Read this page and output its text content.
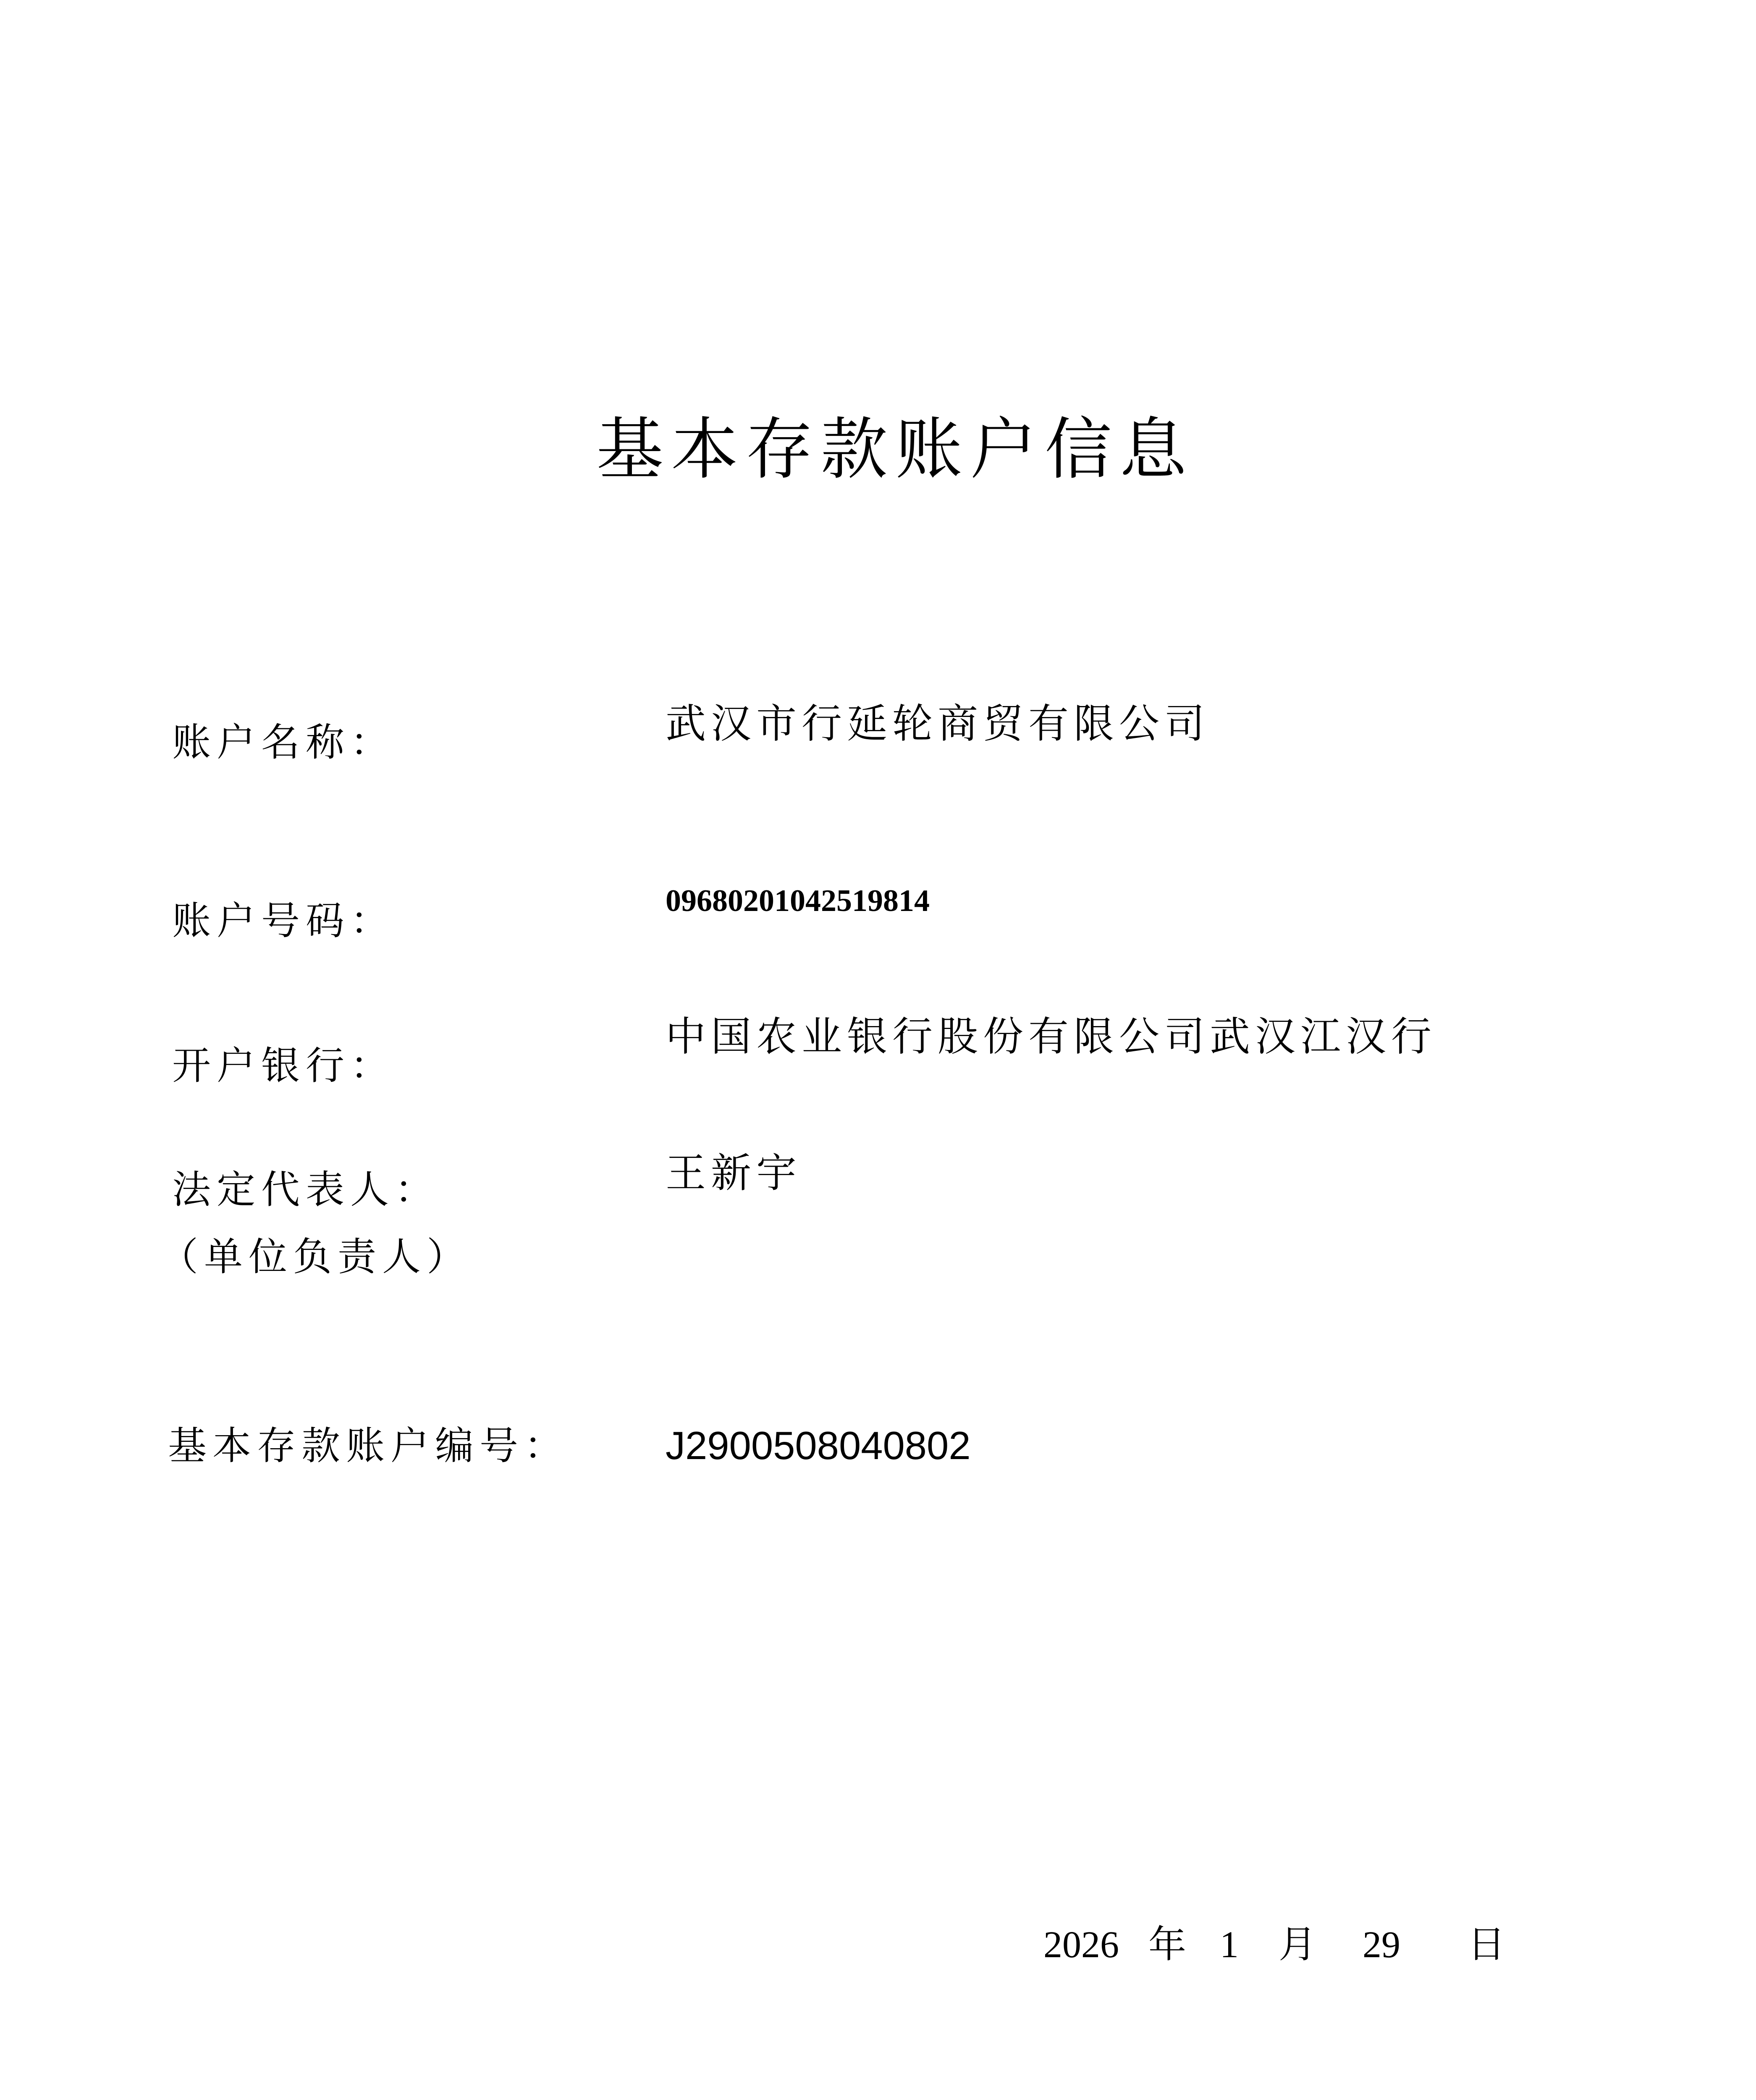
基本存款账户信息
账户名称：	武汉市行延轮商贸有限公司
账户号码：	09680201042519814
开户银行：
中国农业银行股份有限公司武汉江汉行
法定代表人：
（单位负责人）
王新宇
基本存款账户编号： J2900508040802
2026 年 1 月 29 日
